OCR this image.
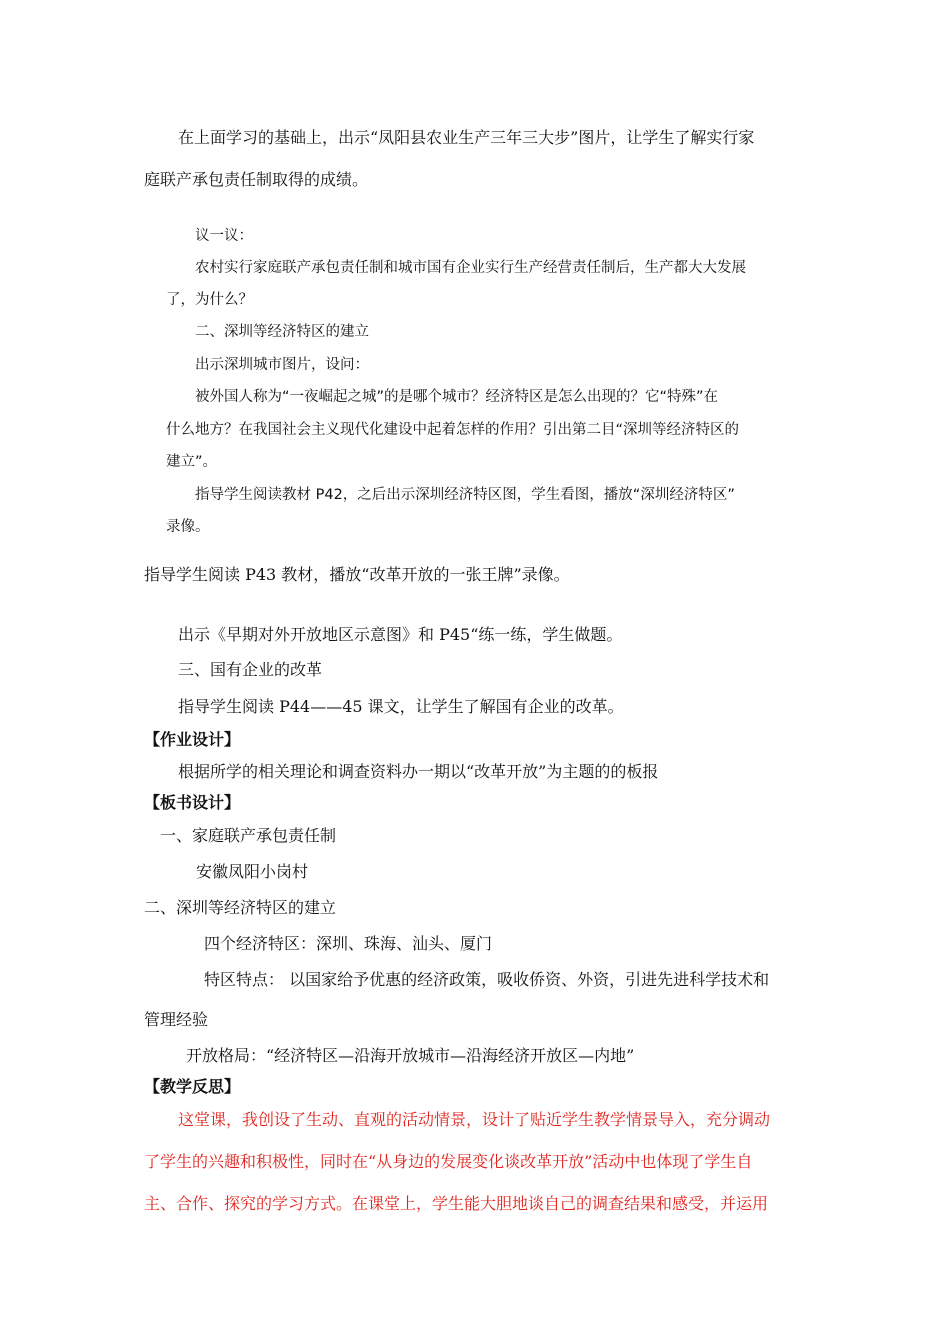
在上面学习的基础上，出示“凤阳县农业生产三年三大步”图片，让学生了解实行家
庭联产承包责任制取得的成绩。
议一议：
农村实行家庭联产承包责任制和城市国有企业实行生产经营责任制后，生产都大大发展
了，为什么？
二、深圳等经济特区的建立
出示深圳城市图片，设问：
被外国人称为“一夜崛起之城”的是哪个城市？经济特区是怎么出现的？它“特殊”在
什么地方？在我国社会主义现代化建设中起着怎样的作用？引出第二目“深圳等经济特区的
建立”。
指导学生阅读教材 P42，之后出示深圳经济特区图，学生看图，播放“深圳经济特区”
录像。
指导学生阅读 P43 教材，播放“改革开放的一张王牌”录像。
出示《早期对外开放地区示意图》和 P45“练一练，学生做题。
三、国有企业的改革
指导学生阅读 P44——45 课文，让学生了解国有企业的改革。
【作业设计】
根据所学的相关理论和调查资料办一期以“改革开放”为主题的的板报
【板书设计】
一、家庭联产承包责任制
安徽凤阳小岗村
二、深圳等经济特区的建立
四个经济特区：深圳、珠海、汕头、厦门
特区特点： 以国家给予优惠的经济政策，吸收侨资、外资，引进先进科学技术和
管理经验
开放格局：“经济特区—沿海开放城市—沿海经济开放区—内地”
【教学反思】
这堂课，我创设了生动、直观的活动情景，设计了贴近学生教学情景导入，充分调动
了学生的兴趣和积极性，同时在“从身边的发展变化谈改革开放”活动中也体现了学生自
主、合作、探究的学习方式。在课堂上，学生能大胆地谈自己的调查结果和感受，并运用
